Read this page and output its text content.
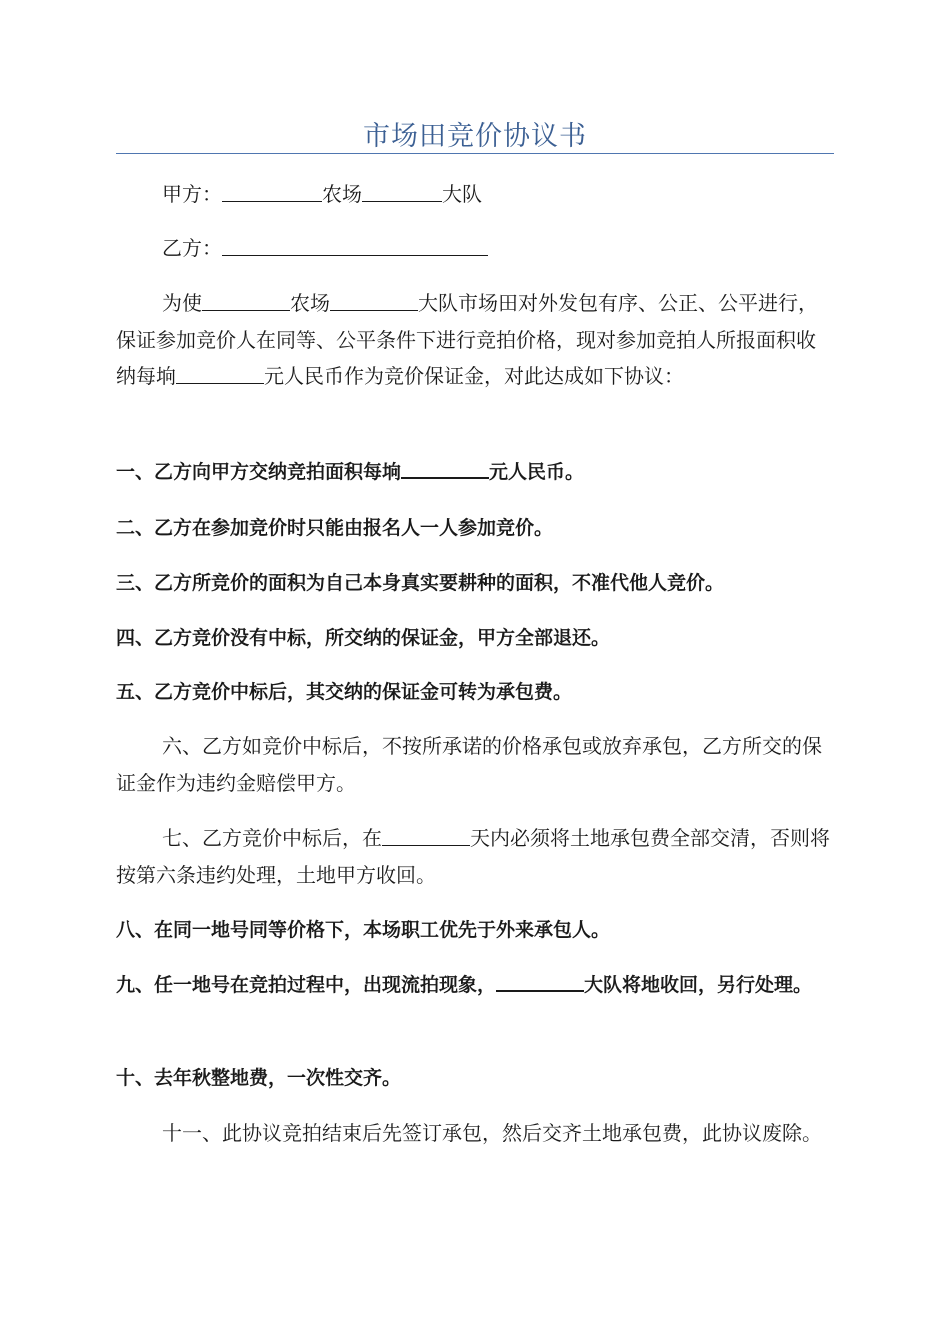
市场田竞价协议书

甲方：	农场	大队

乙方：

为使	农场	大队市场田对外发包有序、公正、公平进行，保证参加竞价人在同等、公平条件下进行竞拍价格，现对参加竞拍人所报面积收纳每垧	元人民币作为竞价保证金，对此达成如下协议：

一、乙方向甲方交纳竞拍面积每垧	元人民币。

二、乙方在参加竞价时只能由报名人一人参加竞价。

三、乙方所竞价的面积为自己本身真实要耕种的面积，不准代他人竞价。

四、乙方竞价没有中标，所交纳的保证金，甲方全部退还。

五、乙方竞价中标后，其交纳的保证金可转为承包费。

六、乙方如竞价中标后，不按所承诺的价格承包或放弃承包，乙方所交的保证金作为违约金赔偿甲方。

七、乙方竞价中标后，在	天内必须将土地承包费全部交清，否则将按第六条违约处理，土地甲方收回。

八、在同一地号同等价格下，本场职工优先于外来承包人。

九、任一地号在竞拍过程中，出现流拍现象，	大队将地收回，另行处理。

十、去年秋整地费，一次性交齐。

十一、此协议竞拍结束后先签订承包，然后交齐土地承包费，此协议废除。
